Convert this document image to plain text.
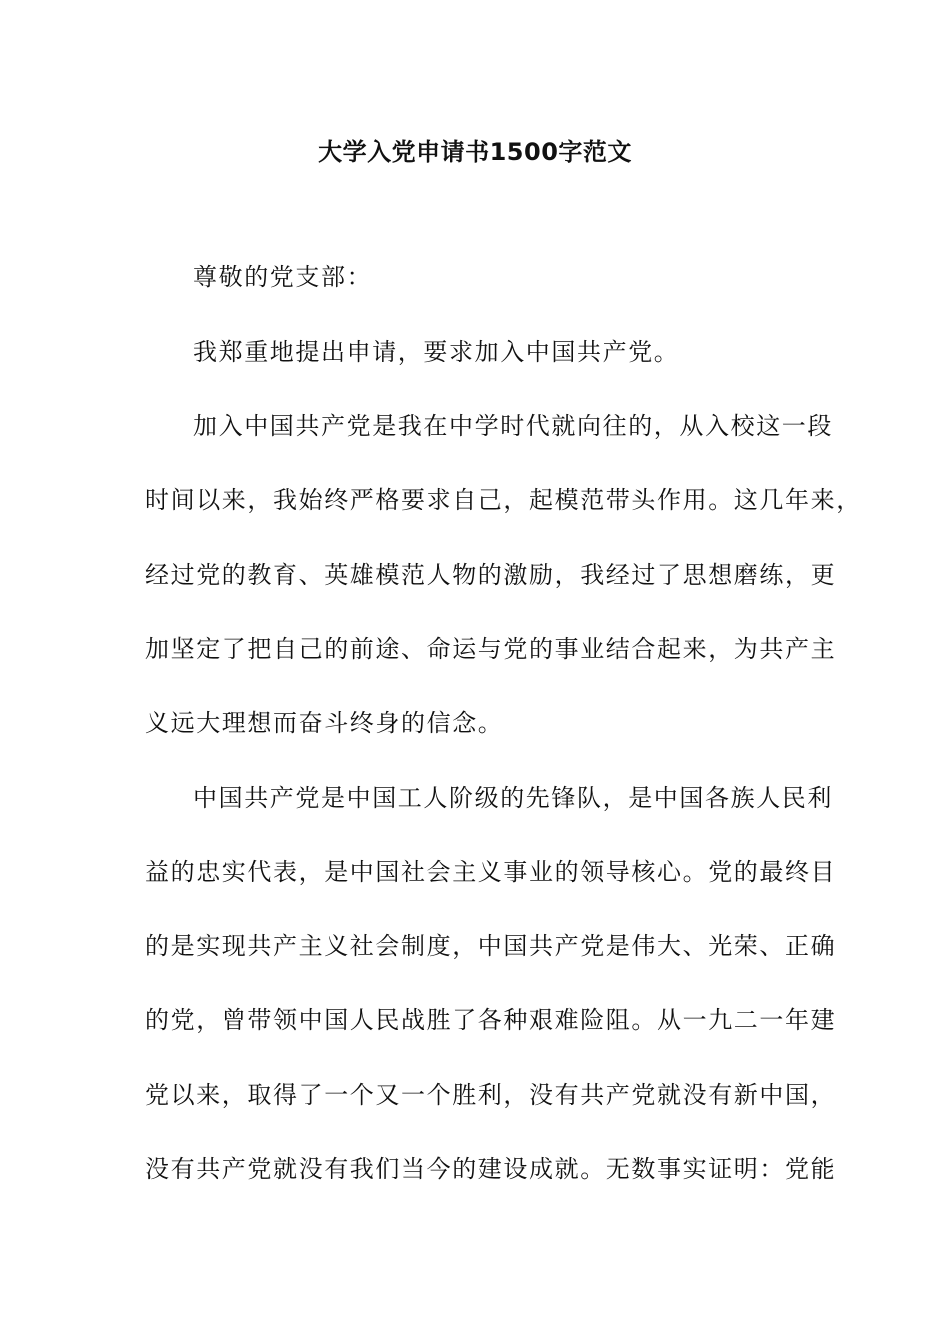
大学入党申请书1500字范文
尊敬的党支部：
我郑重地提出申请，要求加入中国共产党。
加入中国共产党是我在中学时代就向往的，从入校这一段
时间以来，我始终严格要求自己，起模范带头作用。这几年来，
经过党的教育、英雄模范人物的激励，我经过了思想磨练，更
加坚定了把自己的前途、命运与党的事业结合起来，为共产主
义远大理想而奋斗终身的信念。
中国共产党是中国工人阶级的先锋队，是中国各族人民利
益的忠实代表，是中国社会主义事业的领导核心。党的最终目
的是实现共产主义社会制度，中国共产党是伟大、光荣、正确
的党，曾带领中国人民战胜了各种艰难险阻。从一九二一年建
党以来，取得了一个又一个胜利，没有共产党就没有新中国，
没有共产党就没有我们当今的建设成就。无数事实证明：党能
